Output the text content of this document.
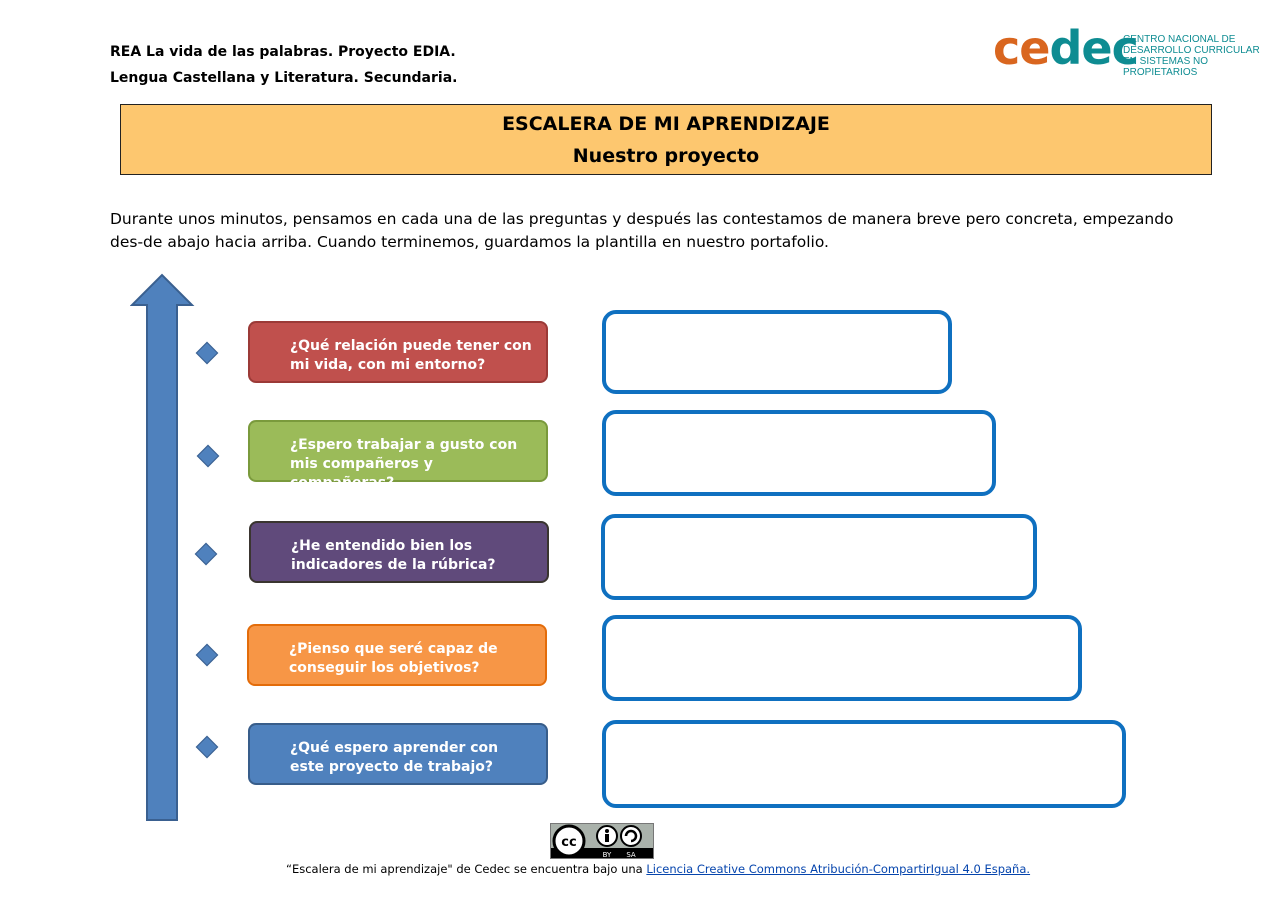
REA La vida de las palabras. Proyecto EDIA.
Lengua Castellana y Literatura. Secundaria.
cedec
CENTRO NACIONAL DE
DESARROLLO CURRICULAR
EN SISTEMAS NO PROPIETARIOS
ESCALERA DE MI APRENDIZAJE
Nuestro proyecto
Durante unos minutos, pensamos en cada una de las preguntas y después las contestamos de manera breve pero concreta, empezando des-de abajo hacia arriba. Cuando terminemos, guardamos la plantilla en nuestro portafolio.
¿Qué relación puede tener con mi vida, con mi entorno?
¿Espero trabajar a gusto con mis compañeros y compañeras?
¿He entendido bien los indicadores de la rúbrica?
¿Pienso que seré capaz de conseguir los objetivos?
¿Qué espero aprender con este proyecto de trabajo?
cc
BY SA
“Escalera de mi aprendizaje" de Cedec se encuentra bajo una Licencia Creative Commons Atribución-CompartirIgual 4.0 España.
